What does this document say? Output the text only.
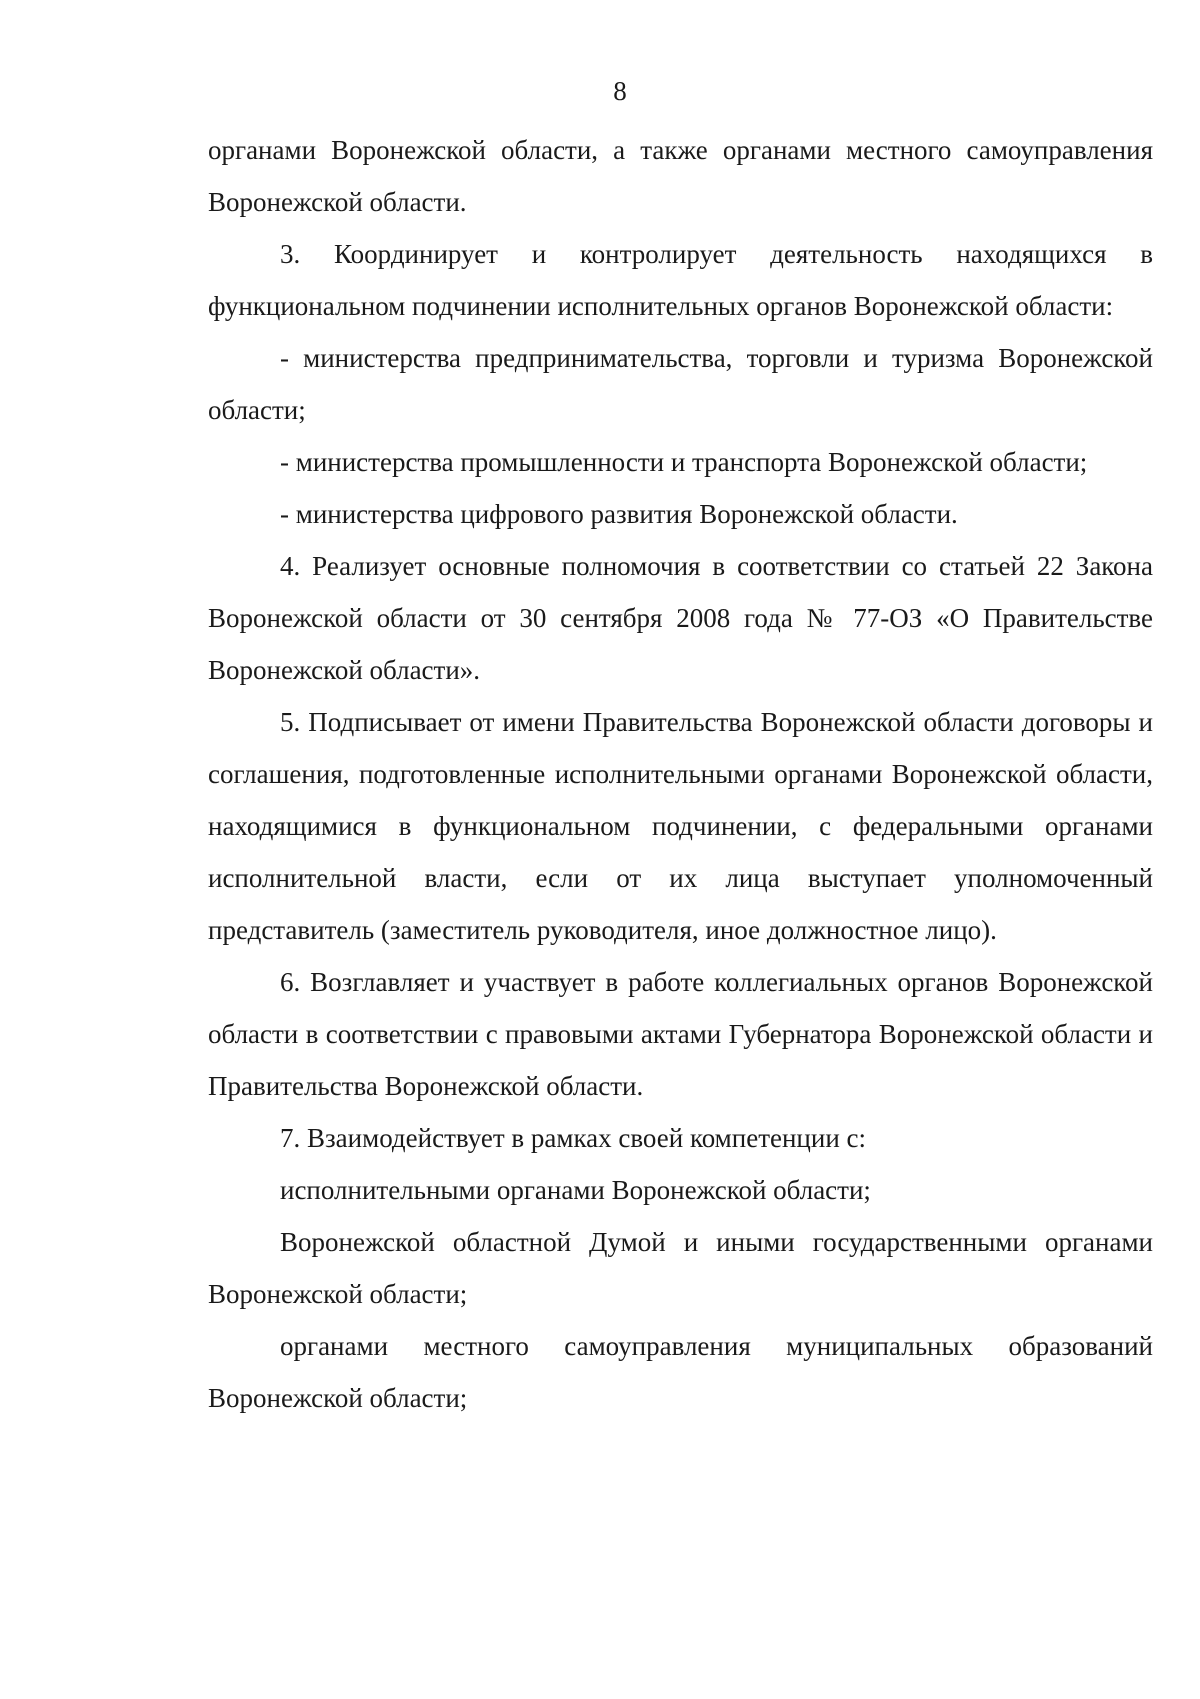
8

органами Воронежской области, а также органами местного самоуправления Воронежской области.

3. Координирует и контролирует деятельность находящихся в функциональном подчинении исполнительных органов Воронежской области:

- министерства предпринимательства, торговли и туризма Воронежской области;

- министерства промышленности и транспорта Воронежской области;

- министерства цифрового развития Воронежской области.

4. Реализует основные полномочия в соответствии со статьей 22 Закона Воронежской области от 30 сентября 2008 года № 77-ОЗ «О Правительстве Воронежской области».

5. Подписывает от имени Правительства Воронежской области договоры и соглашения, подготовленные исполнительными органами Воронежской области, находящимися в функциональном подчинении, с федеральными органами исполнительной власти, если от их лица выступает уполномоченный представитель (заместитель руководителя, иное должностное лицо).

6. Возглавляет и участвует в работе коллегиальных органов Воронежской области в соответствии с правовыми актами Губернатора Воронежской области и Правительства Воронежской области.

7. Взаимодействует в рамках своей компетенции с:

исполнительными органами Воронежской области;

Воронежской областной Думой и иными государственными органами Воронежской области;

органами местного самоуправления муниципальных образований Воронежской области;
